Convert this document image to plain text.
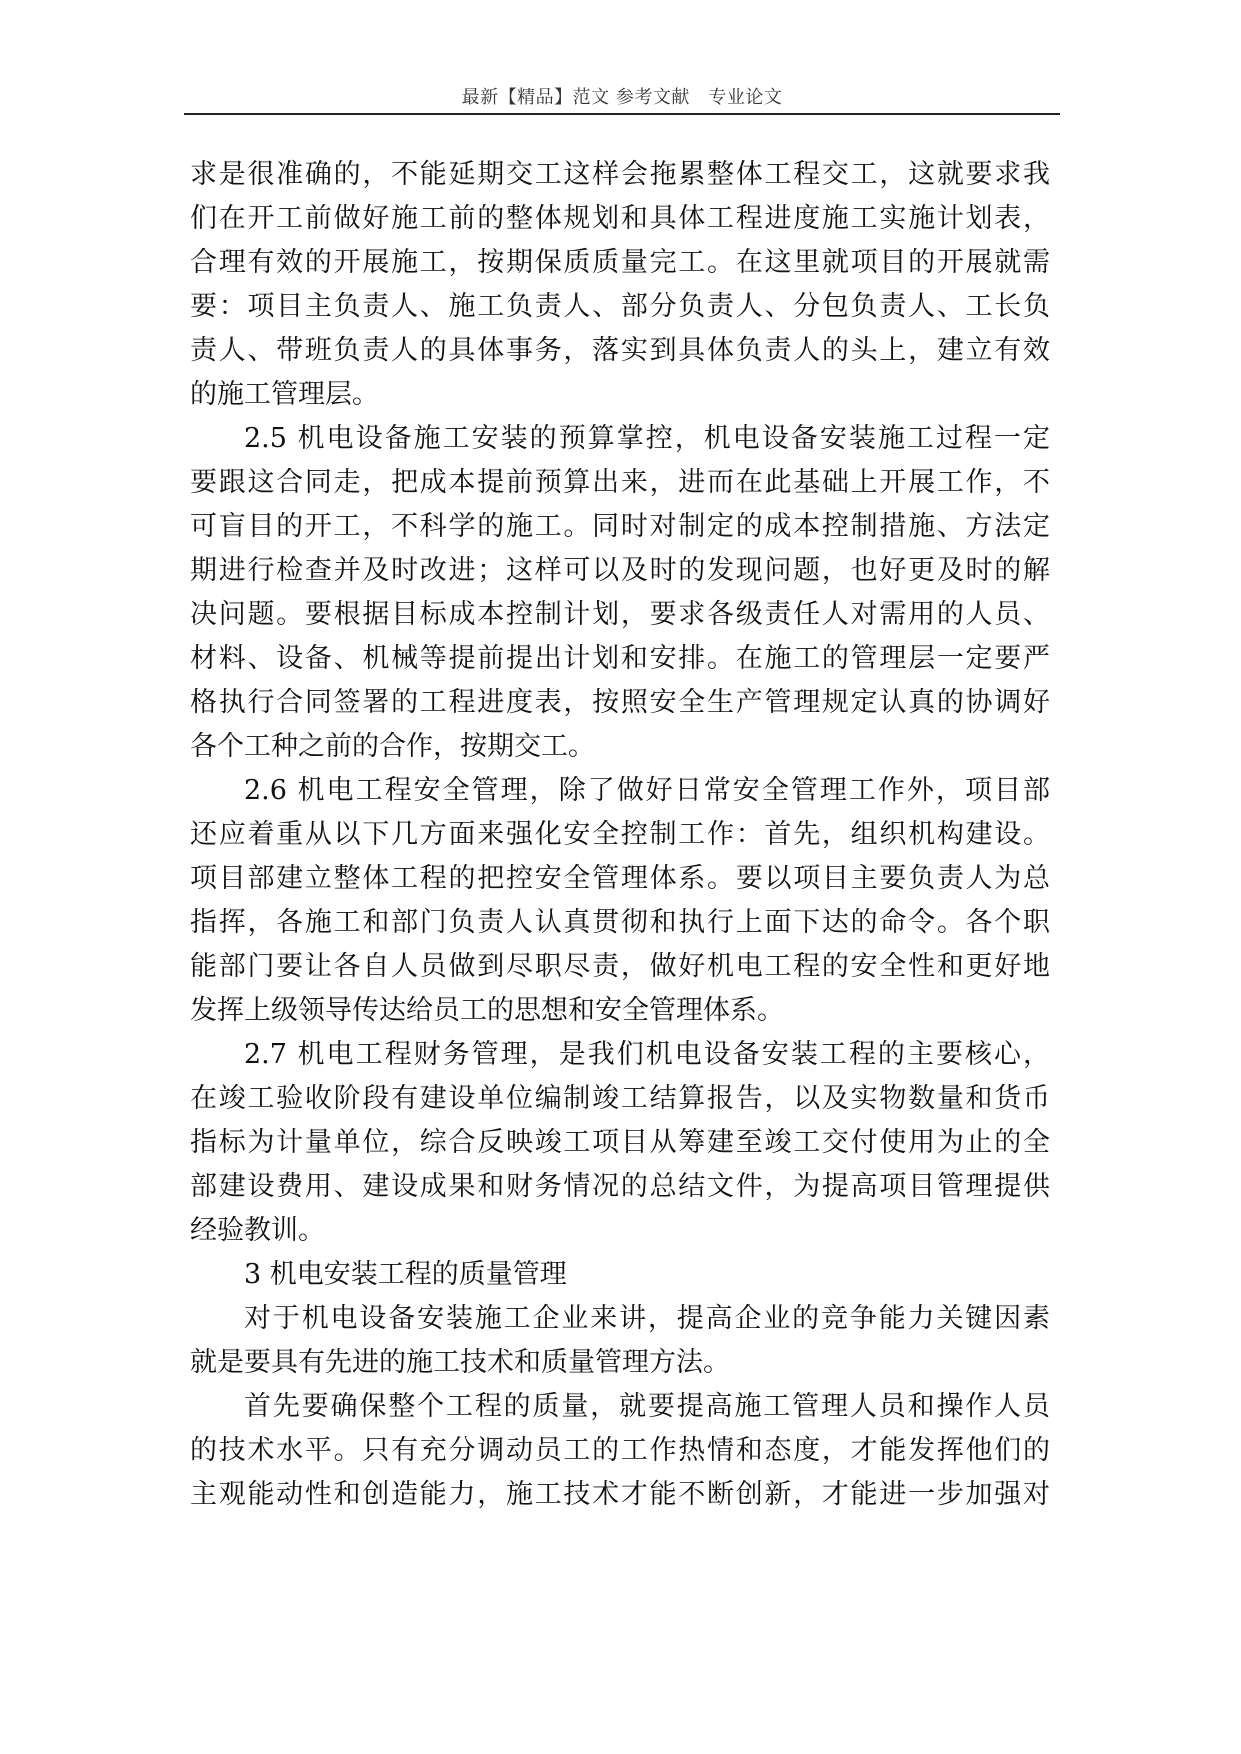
最新【精品】范文 参考文献　专业论文
求是很准确的，不能延期交工这样会拖累整体工程交工，这就要求我
们在开工前做好施工前的整体规划和具体工程进度施工实施计划表，
合理有效的开展施工，按期保质质量完工。在这里就项目的开展就需
要：项目主负责人、施工负责人、部分负责人、分包负责人、工长负
责人、带班负责人的具体事务，落实到具体负责人的头上，建立有效
的施工管理层。
2.5 机电设备施工安装的预算掌控，机电设备安装施工过程一定
要跟这合同走，把成本提前预算出来，进而在此基础上开展工作，不
可盲目的开工，不科学的施工。同时对制定的成本控制措施、方法定
期进行检查并及时改进；这样可以及时的发现问题，也好更及时的解
决问题。要根据目标成本控制计划，要求各级责任人对需用的人员、
材料、设备、机械等提前提出计划和安排。在施工的管理层一定要严
格执行合同签署的工程进度表，按照安全生产管理规定认真的协调好
各个工种之前的合作，按期交工。
2.6 机电工程安全管理，除了做好日常安全管理工作外，项目部
还应着重从以下几方面来强化安全控制工作：首先，组织机构建设。
项目部建立整体工程的把控安全管理体系。要以项目主要负责人为总
指挥，各施工和部门负责人认真贯彻和执行上面下达的命令。各个职
能部门要让各自人员做到尽职尽责，做好机电工程的安全性和更好地
发挥上级领导传达给员工的思想和安全管理体系。
2.7 机电工程财务管理，是我们机电设备安装工程的主要核心，
在竣工验收阶段有建设单位编制竣工结算报告，以及实物数量和货币
指标为计量单位，综合反映竣工项目从筹建至竣工交付使用为止的全
部建设费用、建设成果和财务情况的总结文件，为提高项目管理提供
经验教训。
3 机电安装工程的质量管理
对于机电设备安装施工企业来讲，提高企业的竞争能力关键因素
就是要具有先进的施工技术和质量管理方法。
首先要确保整个工程的质量，就要提高施工管理人员和操作人员
的技术水平。只有充分调动员工的工作热情和态度，才能发挥他们的
主观能动性和创造能力，施工技术才能不断创新，才能进一步加强对
